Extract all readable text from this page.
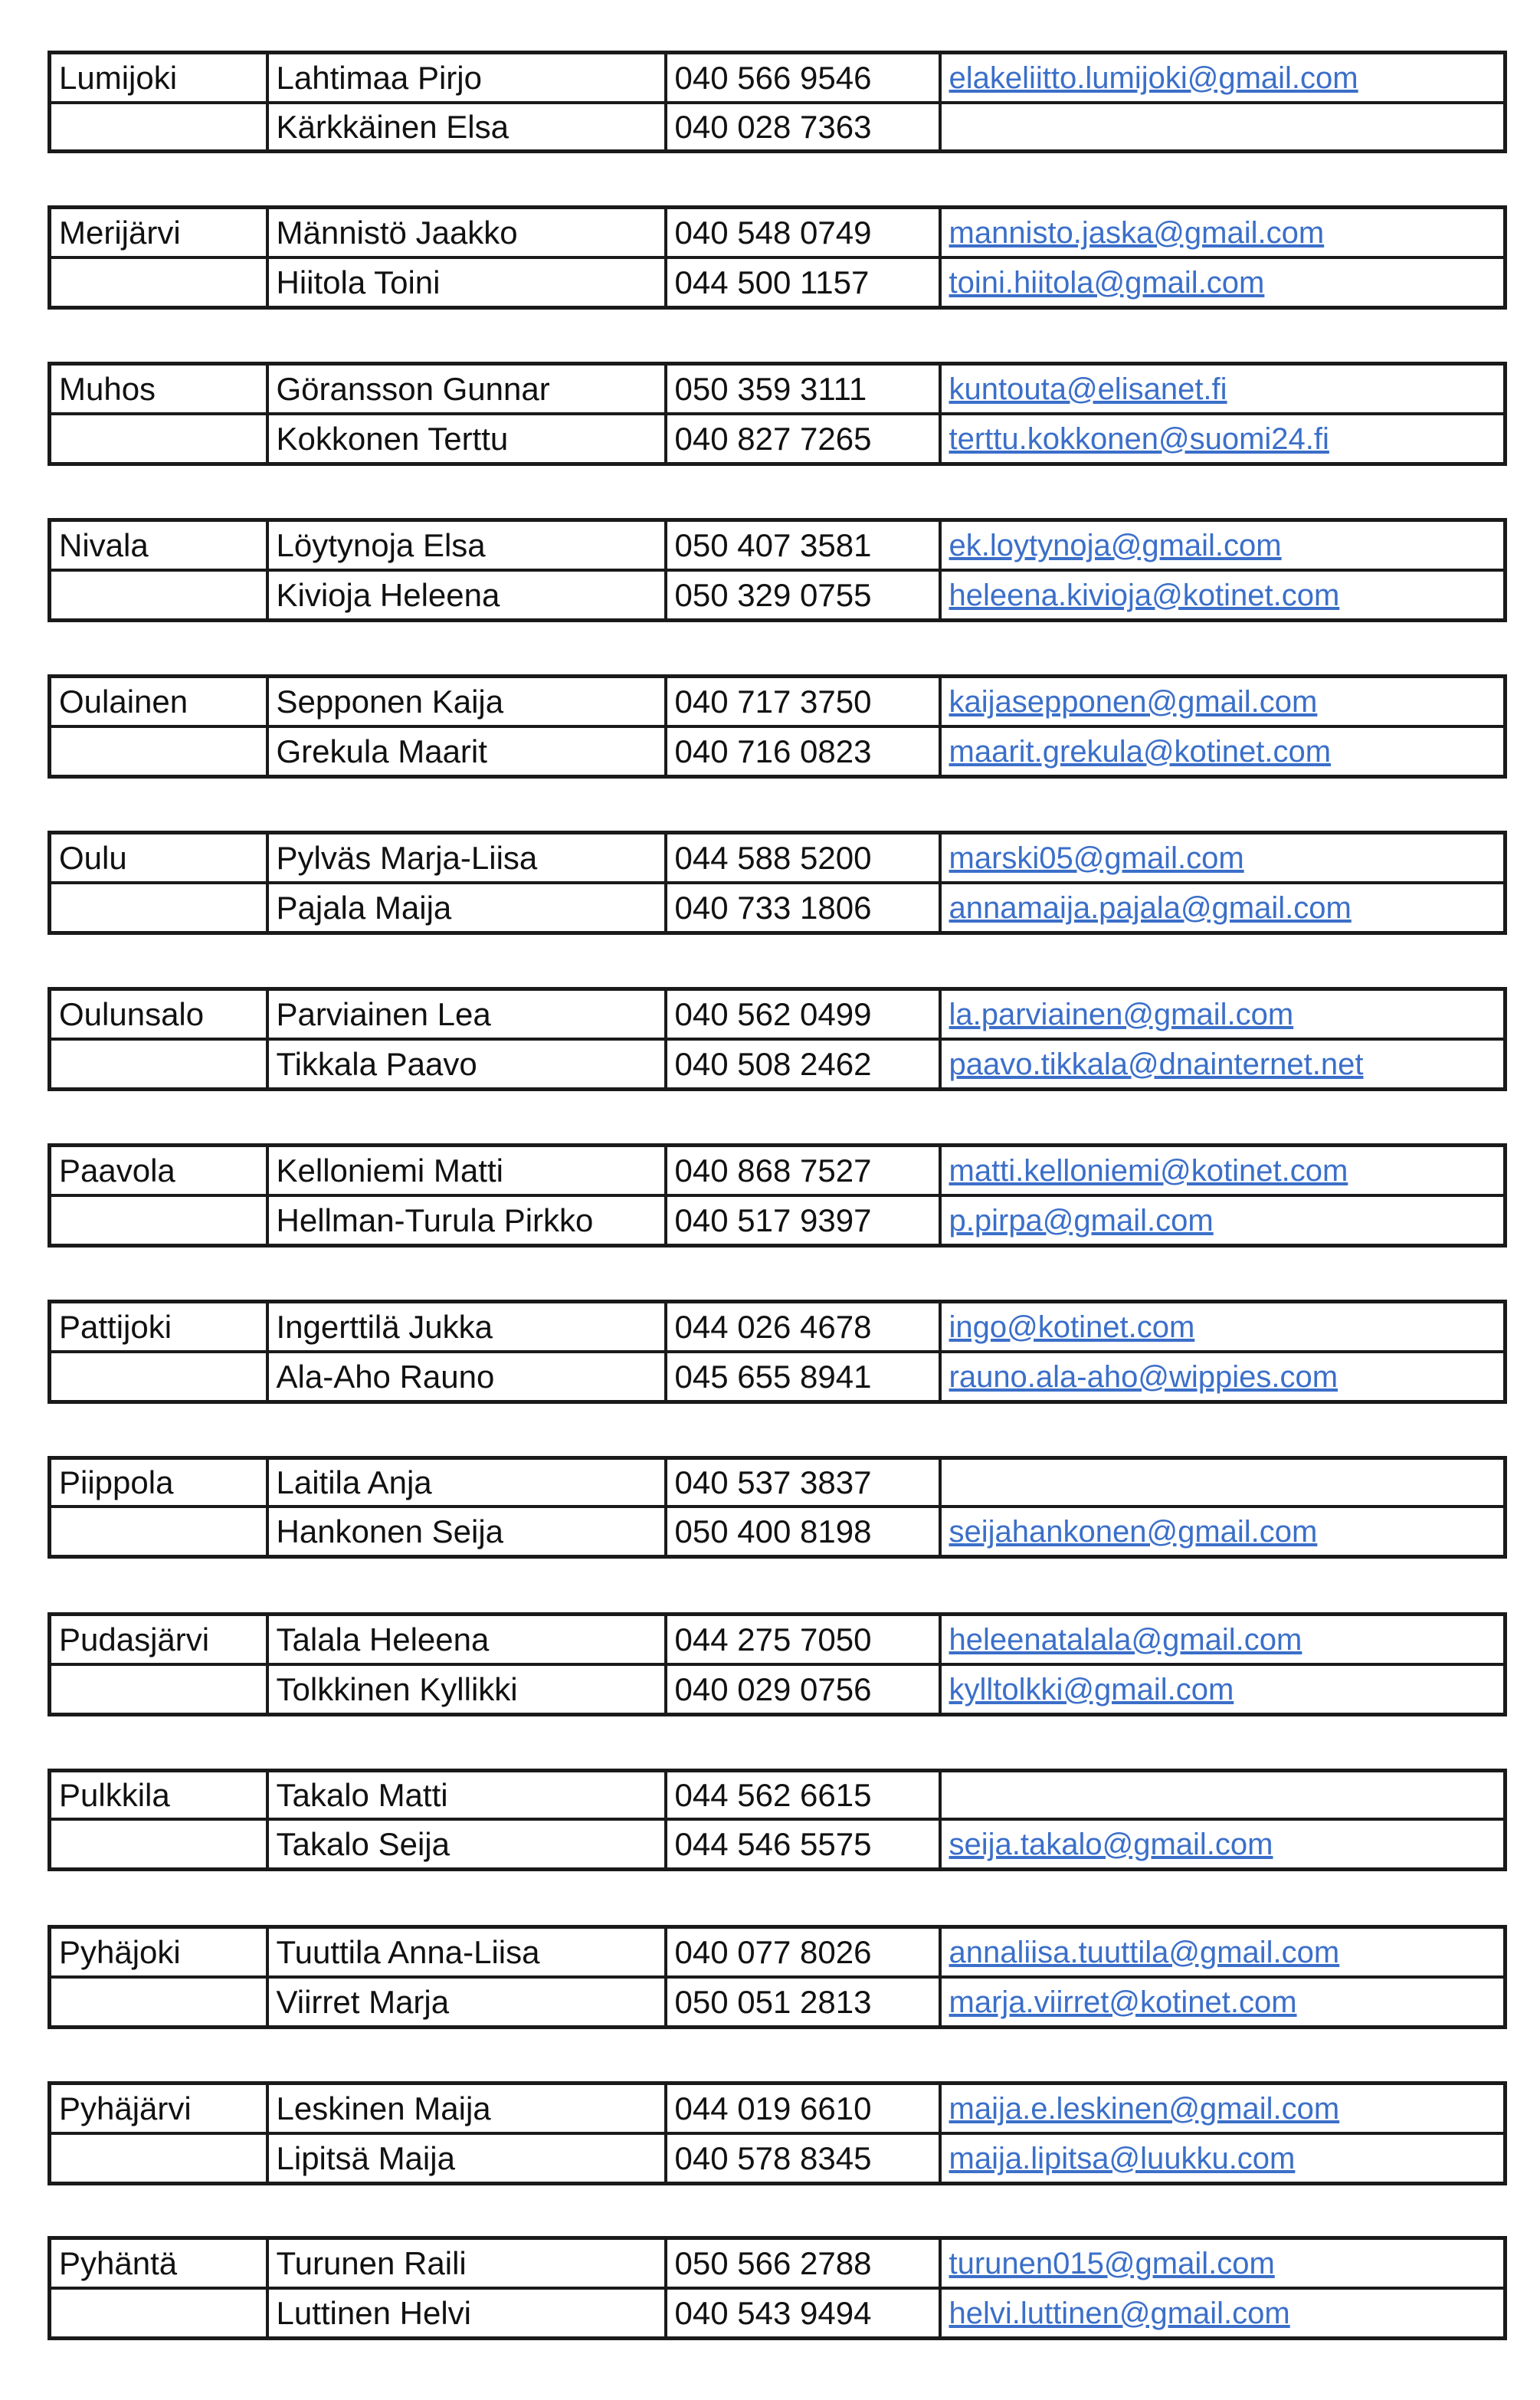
Lumijoki	Lahtimaa Pirjo	040 566 9546	elakeliitto.lumijoki@gmail.com
	Kärkkäinen Elsa	040 028 7363	
Merijärvi	Männistö Jaakko	040 548 0749	mannisto.jaska@gmail.com
	Hiitola Toini	044 500 1157	toini.hiitola@gmail.com
Muhos	Göransson Gunnar	050 359 3111	kuntouta@elisanet.fi
	Kokkonen Terttu	040 827 7265	terttu.kokkonen@suomi24.fi
Nivala	Löytynoja Elsa	050 407 3581	ek.loytynoja@gmail.com
	Kivioja Heleena	050 329 0755	heleena.kivioja@kotinet.com
Oulainen	Sepponen Kaija	040 717 3750	kaijasepponen@gmail.com
	Grekula Maarit	040 716 0823	maarit.grekula@kotinet.com
Oulu	Pylväs Marja-Liisa	044 588 5200	marski05@gmail.com
	Pajala Maija	040 733 1806	annamaija.pajala@gmail.com
Oulunsalo	Parviainen Lea	040 562 0499	la.parviainen@gmail.com
	Tikkala Paavo	040 508 2462	paavo.tikkala@dnainternet.net
Paavola	Kelloniemi Matti	040 868 7527	matti.kelloniemi@kotinet.com
	Hellman-Turula Pirkko	040 517 9397	p.pirpa@gmail.com
Pattijoki	Ingerttilä Jukka	044 026 4678	ingo@kotinet.com
	Ala-Aho Rauno	045 655 8941	rauno.ala-aho@wippies.com
Piippola	Laitila Anja	040 537 3837	
	Hankonen Seija	050 400 8198	seijahankonen@gmail.com
Pudasjärvi	Talala Heleena	044 275 7050	heleenatalala@gmail.com
	Tolkkinen Kyllikki	040 029 0756	kylltolkki@gmail.com
Pulkkila	Takalo Matti	044 562 6615	
	Takalo Seija	044 546 5575	seija.takalo@gmail.com
Pyhäjoki	Tuuttila Anna-Liisa	040 077 8026	annaliisa.tuuttila@gmail.com
	Viirret Marja	050 051 2813	marja.viirret@kotinet.com
Pyhäjärvi	Leskinen Maija	044 019 6610	maija.e.leskinen@gmail.com
	Lipitsä Maija	040 578 8345	maija.lipitsa@luukku.com
Pyhäntä	Turunen Raili	050 566 2788	turunen015@gmail.com
	Luttinen Helvi	040 543 9494	helvi.luttinen@gmail.com
